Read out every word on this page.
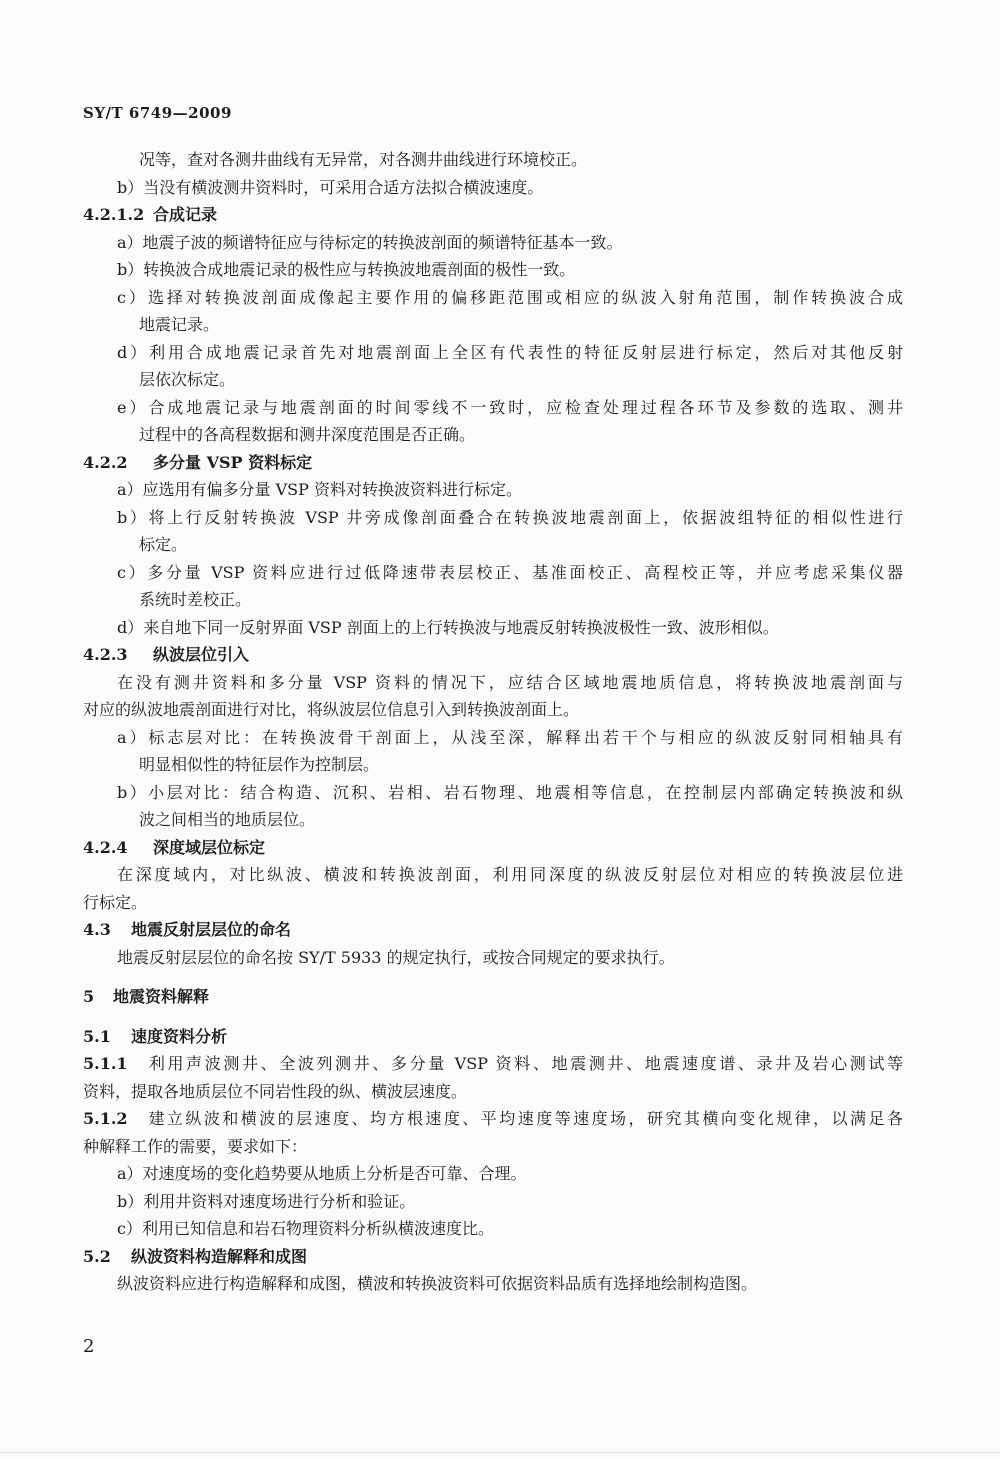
SY/T 6749—2009
况等，查对各测井曲线有无异常，对各测井曲线进行环境校正。
b）当没有横波测井资料时，可采用合适方法拟合横波速度。
4.2.1.2 合成记录
a）地震子波的频谱特征应与待标定的转换波剖面的频谱特征基本一致。
b）转换波合成地震记录的极性应与转换波地震剖面的极性一致。
c）选择对转换波剖面成像起主要作用的偏移距范围或相应的纵波入射角范围，制作转换波合成
地震记录。
d）利用合成地震记录首先对地震剖面上全区有代表性的特征反射层进行标定，然后对其他反射
层依次标定。
e）合成地震记录与地震剖面的时间零线不一致时，应检查处理过程各环节及参数的选取、测井
过程中的各高程数据和测井深度范围是否正确。
4.2.2 多分量 VSP 资料标定
a）应选用有偏多分量 VSP 资料对转换波资料进行标定。
b）将上行反射转换波 VSP 井旁成像剖面叠合在转换波地震剖面上，依据波组特征的相似性进行
标定。
c）多分量 VSP 资料应进行过低降速带表层校正、基准面校正、高程校正等，并应考虑采集仪器
系统时差校正。
d）来自地下同一反射界面 VSP 剖面上的上行转换波与地震反射转换波极性一致、波形相似。
4.2.3 纵波层位引入
在没有测井资料和多分量 VSP 资料的情况下，应结合区域地震地质信息，将转换波地震剖面与
对应的纵波地震剖面进行对比，将纵波层位信息引入到转换波剖面上。
a）标志层对比：在转换波骨干剖面上，从浅至深，解释出若干个与相应的纵波反射同相轴具有
明显相似性的特征层作为控制层。
b）小层对比：结合构造、沉积、岩相、岩石物理、地震相等信息，在控制层内部确定转换波和纵
波之间相当的地质层位。
4.2.4 深度域层位标定
在深度域内，对比纵波、横波和转换波剖面，利用同深度的纵波反射层位对相应的转换波层位进
行标定。
4.3 地震反射层层位的命名
地震反射层层位的命名按 SY/T 5933 的规定执行，或按合同规定的要求执行。
5 地震资料解释
5.1 速度资料分析
5.1.1　利用声波测井、全波列测井、多分量 VSP 资料、地震测井、地震速度谱、录井及岩心测试等
资料，提取各地质层位不同岩性段的纵、横波层速度。
5.1.2　建立纵波和横波的层速度、均方根速度、平均速度等速度场，研究其横向变化规律，以满足各
种解释工作的需要，要求如下：
a）对速度场的变化趋势要从地质上分析是否可靠、合理。
b）利用井资料对速度场进行分析和验证。
c）利用已知信息和岩石物理资料分析纵横波速度比。
5.2 纵波资料构造解释和成图
纵波资料应进行构造解释和成图，横波和转换波资料可依据资料品质有选择地绘制构造图。
2
